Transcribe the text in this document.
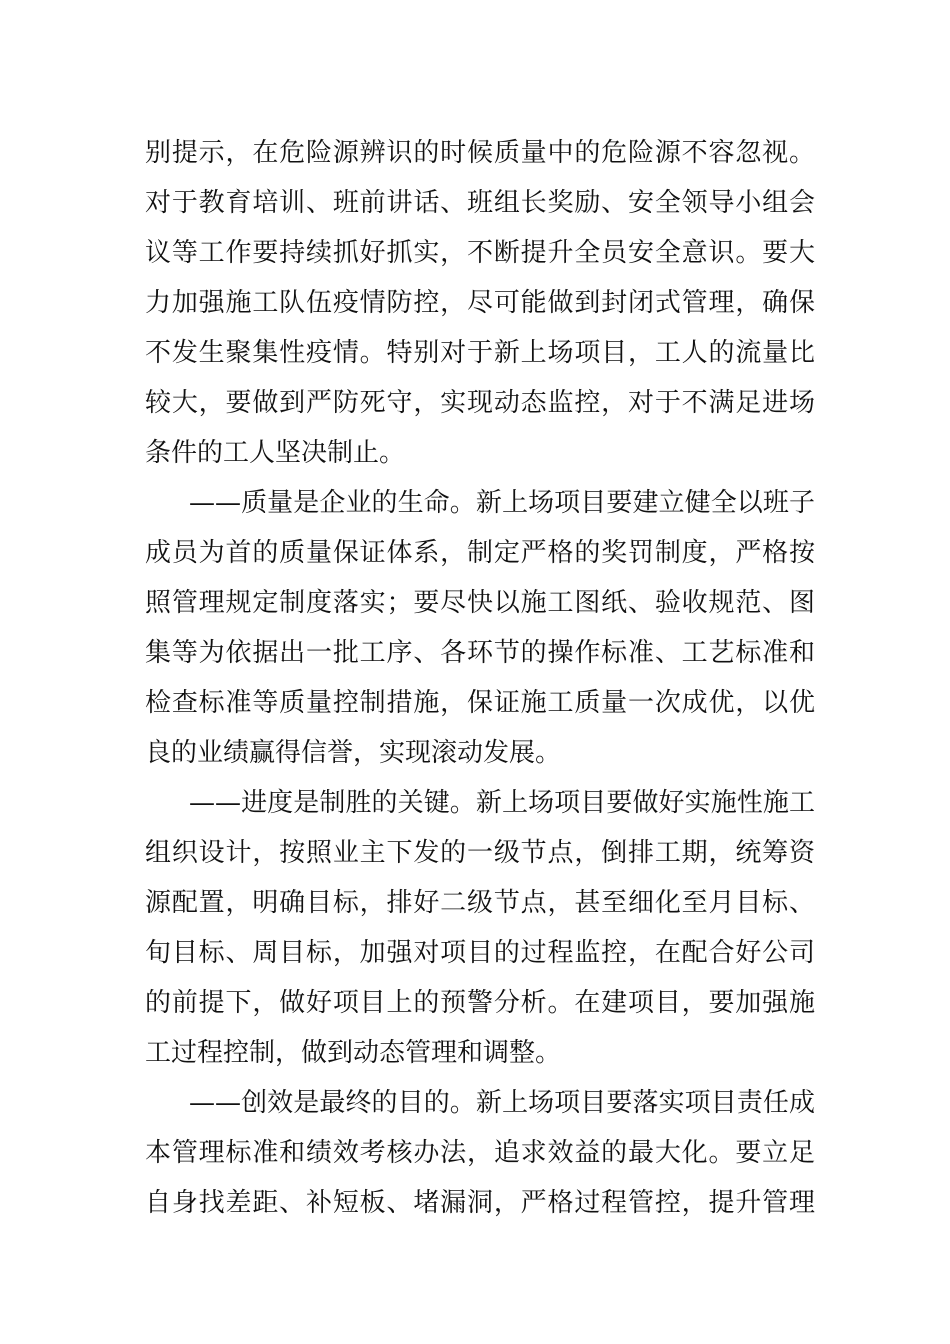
别提示，在危险源辨识的时候质量中的危险源不容忽视。
对于教育培训、班前讲话、班组长奖励、安全领导小组会
议等工作要持续抓好抓实，不断提升全员安全意识。要大
力加强施工队伍疫情防控，尽可能做到封闭式管理，确保
不发生聚集性疫情。特别对于新上场项目，工人的流量比
较大，要做到严防死守，实现动态监控，对于不满足进场
条件的工人坚决制止。
——质量是企业的生命。新上场项目要建立健全以班子
成员为首的质量保证体系，制定严格的奖罚制度，严格按
照管理规定制度落实；要尽快以施工图纸、验收规范、图
集等为依据出一批工序、各环节的操作标准、工艺标准和
检查标准等质量控制措施，保证施工质量一次成优，以优
良的业绩赢得信誉，实现滚动发展。
——进度是制胜的关键。新上场项目要做好实施性施工
组织设计，按照业主下发的一级节点，倒排工期，统筹资
源配置，明确目标，排好二级节点，甚至细化至月目标、
旬目标、周目标，加强对项目的过程监控，在配合好公司
的前提下，做好项目上的预警分析。在建项目，要加强施
工过程控制，做到动态管理和调整。
——创效是最终的目的。新上场项目要落实项目责任成
本管理标准和绩效考核办法，追求效益的最大化。要立足
自身找差距、补短板、堵漏洞，严格过程管控，提升管理
